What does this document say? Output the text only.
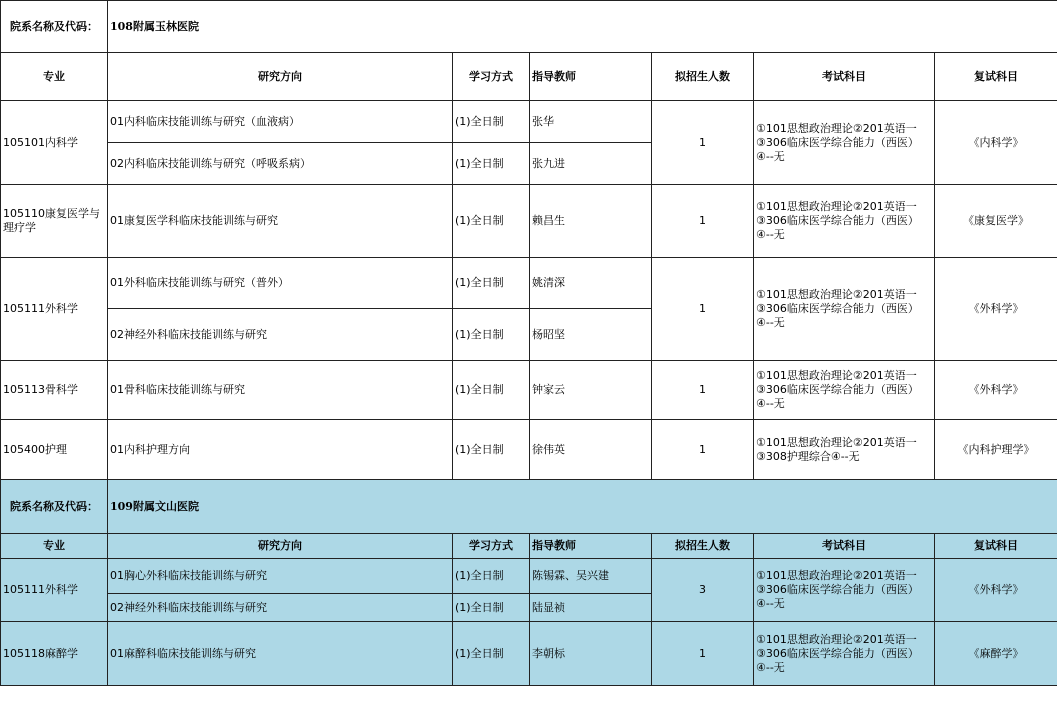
院系名称及代码：	108附属玉林医院					
专业	研究方向	学习方式	指导教师	拟招生人数	考试科目	复试科目
105101内科学	01内科临床技能训练与研究（血液病）	(1)全日制	张华	1	①101思想政治理论②201英语一③306临床医学综合能力（西医）④--无	《内科学》
	02内科临床技能训练与研究（呼吸系病）	(1)全日制	张九进			
105110康复医学与理疗学	01康复医学科临床技能训练与研究	(1)全日制	赖昌生	1	①101思想政治理论②201英语一③306临床医学综合能力（西医）④--无	《康复医学》
105111外科学	01外科临床技能训练与研究（普外）	(1)全日制	姚清深	1	①101思想政治理论②201英语一③306临床医学综合能力（西医）④--无	《外科学》
	02神经外科临床技能训练与研究	(1)全日制	杨昭坚			
105113骨科学	01骨科临床技能训练与研究	(1)全日制	钟家云	1	①101思想政治理论②201英语一③306临床医学综合能力（西医）④--无	《外科学》
105400护理	01内科护理方向	(1)全日制	徐伟英	1	①101思想政治理论②201英语一③308护理综合④--无	《内科护理学》
院系名称及代码：	109附属文山医院					
专业	研究方向	学习方式	指导教师	拟招生人数	考试科目	复试科目
105111外科学	01胸心外科临床技能训练与研究	(1)全日制	陈锡霖、吴兴建	3	①101思想政治理论②201英语一③306临床医学综合能力（西医）④--无	《外科学》
	02神经外科临床技能训练与研究	(1)全日制	陆显祯			
105118麻醉学	01麻醉科临床技能训练与研究	(1)全日制	李朝标	1	①101思想政治理论②201英语一③306临床医学综合能力（西医）④--无	《麻醉学》
